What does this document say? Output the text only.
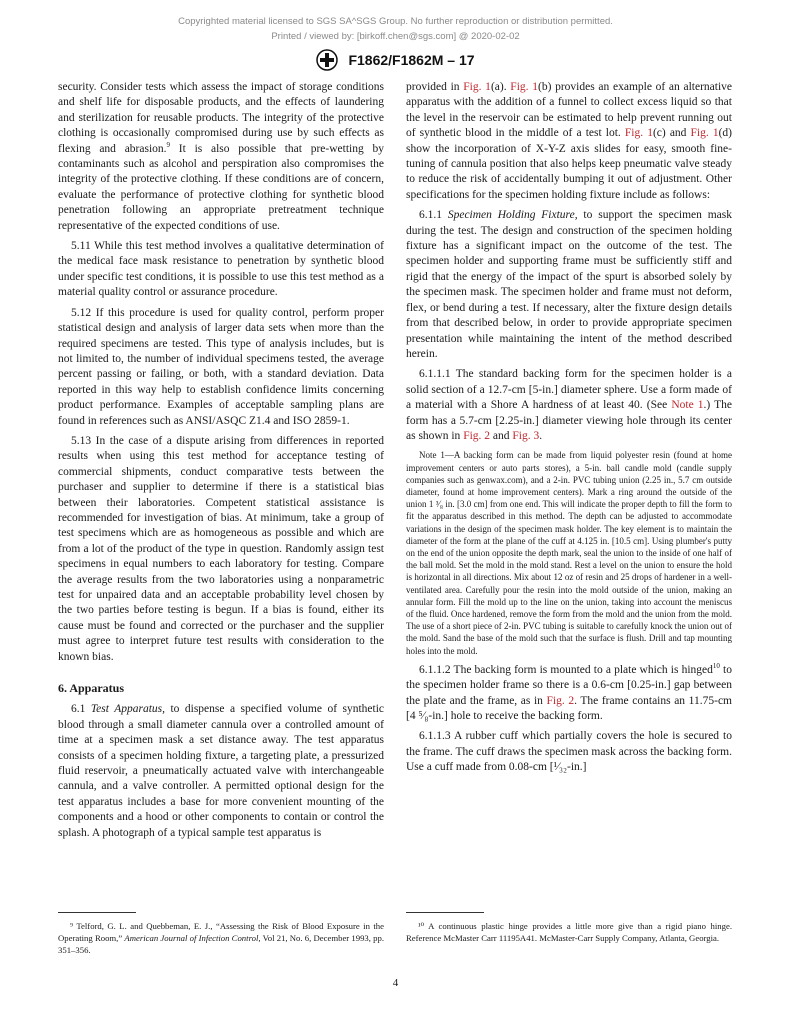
Copyrighted material licensed to SGS SA^SGS Group. No further reproduction or distribution permitted.
Printed / viewed by: [birkoff.chen@sgs.com] @ 2020-02-02
F1862/F1862M – 17

security. Consider tests which assess the impact of storage conditions and shelf life for disposable products, and the effects of laundering and sterilization for reusable products. The integrity of the protective clothing is occasionally compromised during use by such effects as flexing and abrasion.$^9$ It is also possible that pre-wetting by contaminants such as alcohol and perspiration also compromises the integrity of the protective clothing. If these conditions are of concern, evaluate the performance of protective clothing for synthetic blood penetration following an appropriate pretreatment technique representative of the expected conditions of use.

5.11 While this test method involves a qualitative determination of the medical face mask resistance to penetration by synthetic blood under specific test conditions, it is possible to use this test method as a material quality control or assurance procedure.

5.12 If this procedure is used for quality control, perform proper statistical design and analysis of larger data sets when more than the required specimens are tested. This type of analysis includes, but is not limited to, the number of individual specimens tested, the average percent passing or failing, or both, with a standard deviation. Data reported in this way help to establish confidence limits concerning product performance. Examples of acceptable sampling plans are found in references such as ANSI/ASQC Z1.4 and ISO 2859-1.

5.13 In the case of a dispute arising from differences in reported results when using this test method for acceptance testing of commercial shipments, conduct comparative tests between the purchaser and supplier to determine if there is a statistical bias between their laboratories. Competent statistical assistance is recommended for investigation of bias. At minimum, take a group of test specimens which are as homogeneous as possible and which are from a lot of the product of the type in question. Randomly assign test specimens in equal numbers to each laboratory for testing. Compare the average results from the two laboratories using a nonparametric test for unpaired data and an acceptable probability level chosen by the two parties before testing is begun. If a bias is found, either its cause must be found and corrected or the purchaser and the supplier must agree to interpret future test results with consideration to the known bias.

6. Apparatus

6.1 Test Apparatus, to dispense a specified volume of synthetic blood through a small diameter cannula over a controlled amount of time at a specimen mask a set distance away. The test apparatus consists of a specimen holding fixture, a targeting plate, a pressurized fluid reservoir, a pneumatically actuated valve with interchangeable cannula, and a valve controller. A permitted optional design for the test apparatus includes a base for more convenient mounting of the components and a hood or other components to contain or control the splash. A photograph of a typical sample test apparatus is

provided in Fig. 1(a). Fig. 1(b) provides an example of an alternative apparatus with the addition of a funnel to collect excess liquid so that the level in the reservoir can be estimated to help prevent running out of synthetic blood in the middle of a test lot. Fig. 1(c) and Fig. 1(d) show the incorporation of X-Y-Z axis slides for easy, smooth fine-tuning of cannula position that also helps keep pneumatic valve steady to reduce the risk of accidentally bumping it out of adjustment. Other specifications for the specimen holding fixture include as follows:

6.1.1 Specimen Holding Fixture, to support the specimen mask during the test. The design and construction of the specimen holding fixture has a significant impact on the outcome of the test. The specimen holder and supporting frame must be sufficiently stiff and rigid that the energy of the impact of the spurt is absorbed solely by the specimen mask. The specimen holder and frame must not deform, flex, or bend during a test. If necessary, alter the fixture design details from that described below, in order to provide appropriate specimen presentation while maintaining the intent of the method described herein.

6.1.1.1 The standard backing form for the specimen holder is a solid section of a 12.7-cm [5-in.] diameter sphere. Use a form made of a material with a Shore A hardness of at least 40. (See Note 1.) The form has a 5.7-cm [2.25-in.] diameter viewing hole through its center as shown in Fig. 2 and Fig. 3.

Note 1—A backing form can be made from liquid polyester resin (found at home improvement centers or auto parts stores), a 5-in. ball candle mold (candle supply companies such as genwax.com), and a 2-in. PVC tubing union (2.25 in., 5.7 cm outside diameter, found at home improvement centers). Mark a ring around the outside of the union 1 ³⁄₈ in. [3.0 cm] from one end. This will indicate the proper depth to fill the form to fit the apparatus described in this method. The depth can be adjusted to accommodate variations in the design of the specimen mask holder. The key element is to maintain the diameter of the form at the plane of the cuff at 4.125 in. [10.5 cm]. Using plumber's putty on the end of the union opposite the depth mark, seal the union to the inside of one half of the ball mold. Set the mold in the mold stand. Rest a level on the union to ensure the hold is horizontal in all directions. Mix about 12 oz of resin and 25 drops of hardener in a well-ventilated area. Carefully pour the resin into the mold outside of the union, making an annular form. Fill the mold up to the line on the union, taking into account the meniscus of the fluid. Once hardened, remove the form from the mold and the union from the mold. The use of a short piece of 2-in. PVC tubing is suitable to carefully knock the union out of the mold. Sand the base of the mold such that the surface is flush. Drill and tap mounting holes into the mold.

6.1.1.2 The backing form is mounted to a plate which is hinged$^{10}$ to the specimen holder frame so there is a 0.6-cm [0.25-in.] gap between the plate and the frame, as in Fig. 2. The frame contains an 11.75-cm [4 ⁵⁄₈-in.] hole to receive the backing form.

6.1.1.3 A rubber cuff which partially covers the hole is secured to the frame. The cuff draws the specimen mask across the backing form. Use a cuff made from 0.08-cm [¹⁄₃₂-in.]

⁹ Telford, G. L. and Quebbeman, E. J., “Assessing the Risk of Blood Exposure in the Operating Room,” American Journal of Infection Control, Vol 21, No. 6, December 1993, pp. 351–356.
¹⁰ A continuous plastic hinge provides a little more give than a rigid piano hinge. Reference McMaster Carr 11195A41. McMaster-Carr Supply Company, Atlanta, Georgia.
4
